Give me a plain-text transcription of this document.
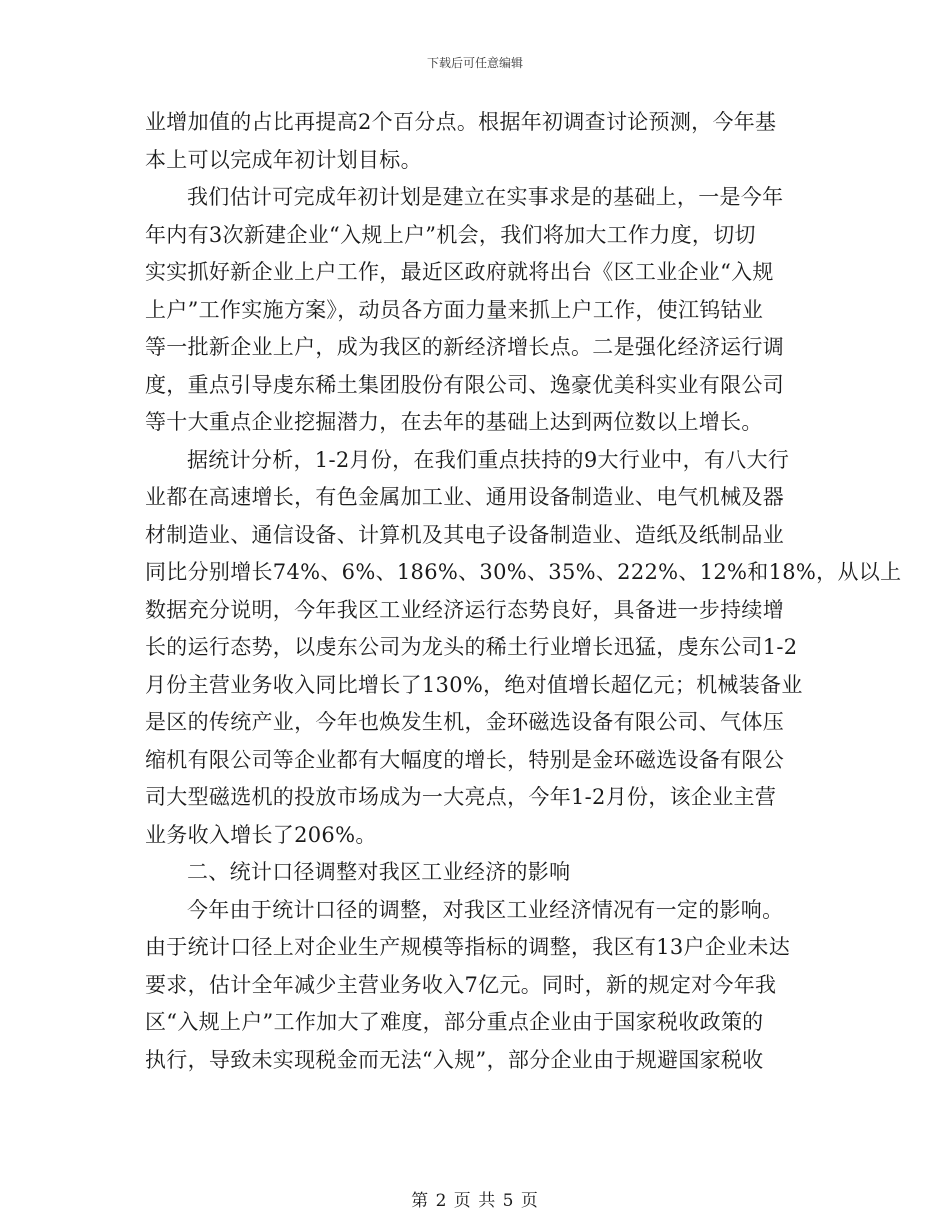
下载后可任意编辑
业增加值的占比再提高2个百分点。根据年初调查讨论预测，今年基
本上可以完成年初计划目标。
我们估计可完成年初计划是建立在实事求是的基础上，一是今年
年内有3次新建企业“入规上户”机会，我们将加大工作力度，切切
实实抓好新企业上户工作，最近区政府就将出台《区工业企业“入规
上户”工作实施方案》，动员各方面力量来抓上户工作，使江钨钴业
等一批新企业上户，成为我区的新经济增长点。二是强化经济运行调
度，重点引导虔东稀土集团股份有限公司、逸豪优美科实业有限公司
等十大重点企业挖掘潜力，在去年的基础上达到两位数以上增长。
据统计分析，1-2月份，在我们重点扶持的9大行业中，有八大行
业都在高速增长，有色金属加工业、通用设备制造业、电气机械及器
材制造业、通信设备、计算机及其电子设备制造业、造纸及纸制品业
同比分别增长74%、6%、186%、30%、35%、222%、12%和18%，从以上
数据充分说明，今年我区工业经济运行态势良好，具备进一步持续增
长的运行态势，以虔东公司为龙头的稀土行业增长迅猛，虔东公司1-2
月份主营业务收入同比增长了130%，绝对值增长超亿元；机械装备业
是区的传统产业，今年也焕发生机，金环磁选设备有限公司、气体压
缩机有限公司等企业都有大幅度的增长，特别是金环磁选设备有限公
司大型磁选机的投放市场成为一大亮点，今年1-2月份，该企业主营
业务收入增长了206%。
二、统计口径调整对我区工业经济的影响
今年由于统计口径的调整，对我区工业经济情况有一定的影响。
由于统计口径上对企业生产规模等指标的调整，我区有13户企业未达
要求，估计全年减少主营业务收入7亿元。同时，新的规定对今年我
区“入规上户”工作加大了难度，部分重点企业由于国家税收政策的
执行，导致未实现税金而无法“入规”，部分企业由于规避国家税收
第 2 页 共 5 页
